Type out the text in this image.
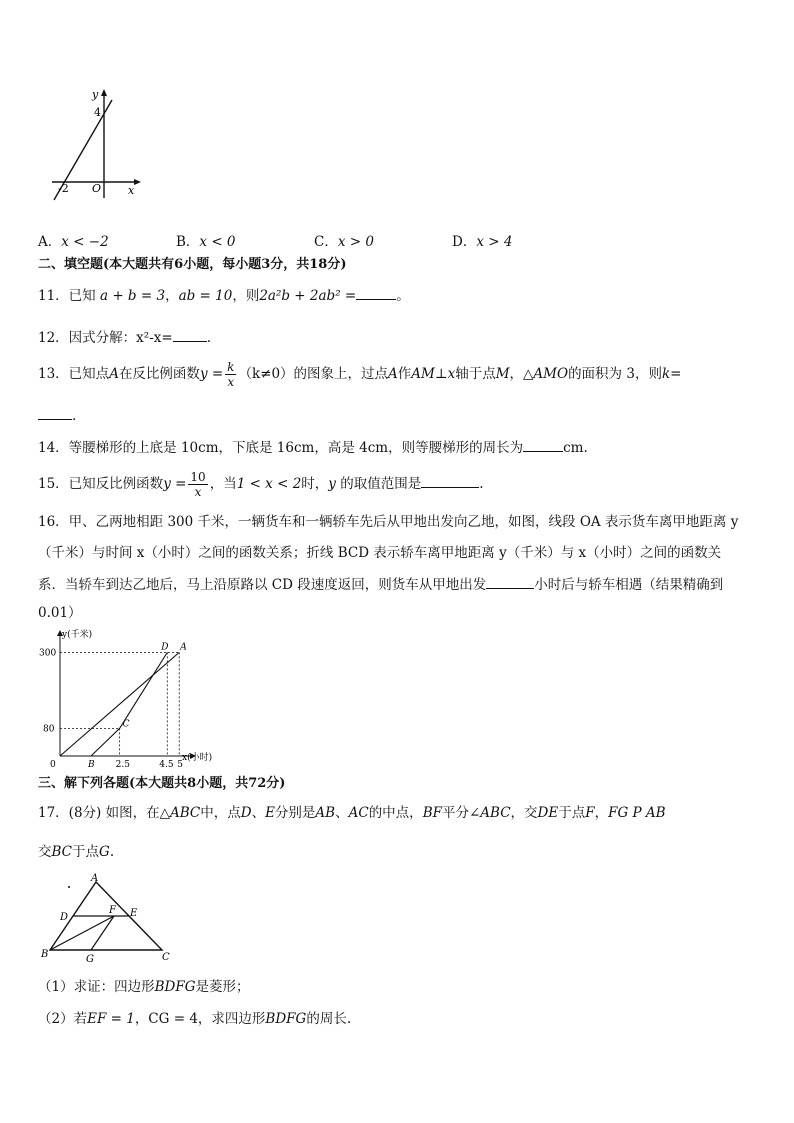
y
4
x
-2 O
A．x < −2	B．x < 0	C．x > 0	D．x > 4
二、填空题(本大题共有6小题，每小题3分，共18分)
11．已知 a + b = 3，ab = 10，则2a²b + 2ab² =	。
12．因式分解：x²-x=	.
13．已知点A在反比例函数$y = \frac{k}{x} (k\ne 0)$的图象上，过点A作AM⊥x轴于点M，△AMO的面积为 3，则k=
.
14．等腰梯形的上底是 10cm，下底是 16cm，高是 4cm，则等腰梯形的周长为	cm.
15．已知反比例函数$y = \frac{10}{x}$ ，当1 < x < 2时，y 的取值范围是	.
16．甲、乙两地相距 300 千米，一辆货车和一辆轿车先后从甲地出发向乙地，如图，线段 OA 表示货车离甲地距离 y
（千米）与时间 x（小时）之间的函数关系；折线 BCD 表示轿车离甲地距离 y（千米）与 x（小时）之间的函数关
系．当轿车到达乙地后，马上沿原路以 CD 段速度返回，则货车从甲地出发	小时后与轿车相遇（结果精确到
0.01）
y(千米)
x(小时)
300
80
0	B 2.5	4.5 5
D A
C
三、解下列各题(本大题共8小题，共72分)
17．(8分) 如图，在△ABC中，点D、E分别是AB、AC的中点，BF平分∠ABC，交DE于点F，FG P AB
交BC于点G.
A
D	E
F
B	G	C
（1）求证：四边形BDFG是菱形；
（2）若EF = 1，CG = 4，求四边形BDFG的周长.
